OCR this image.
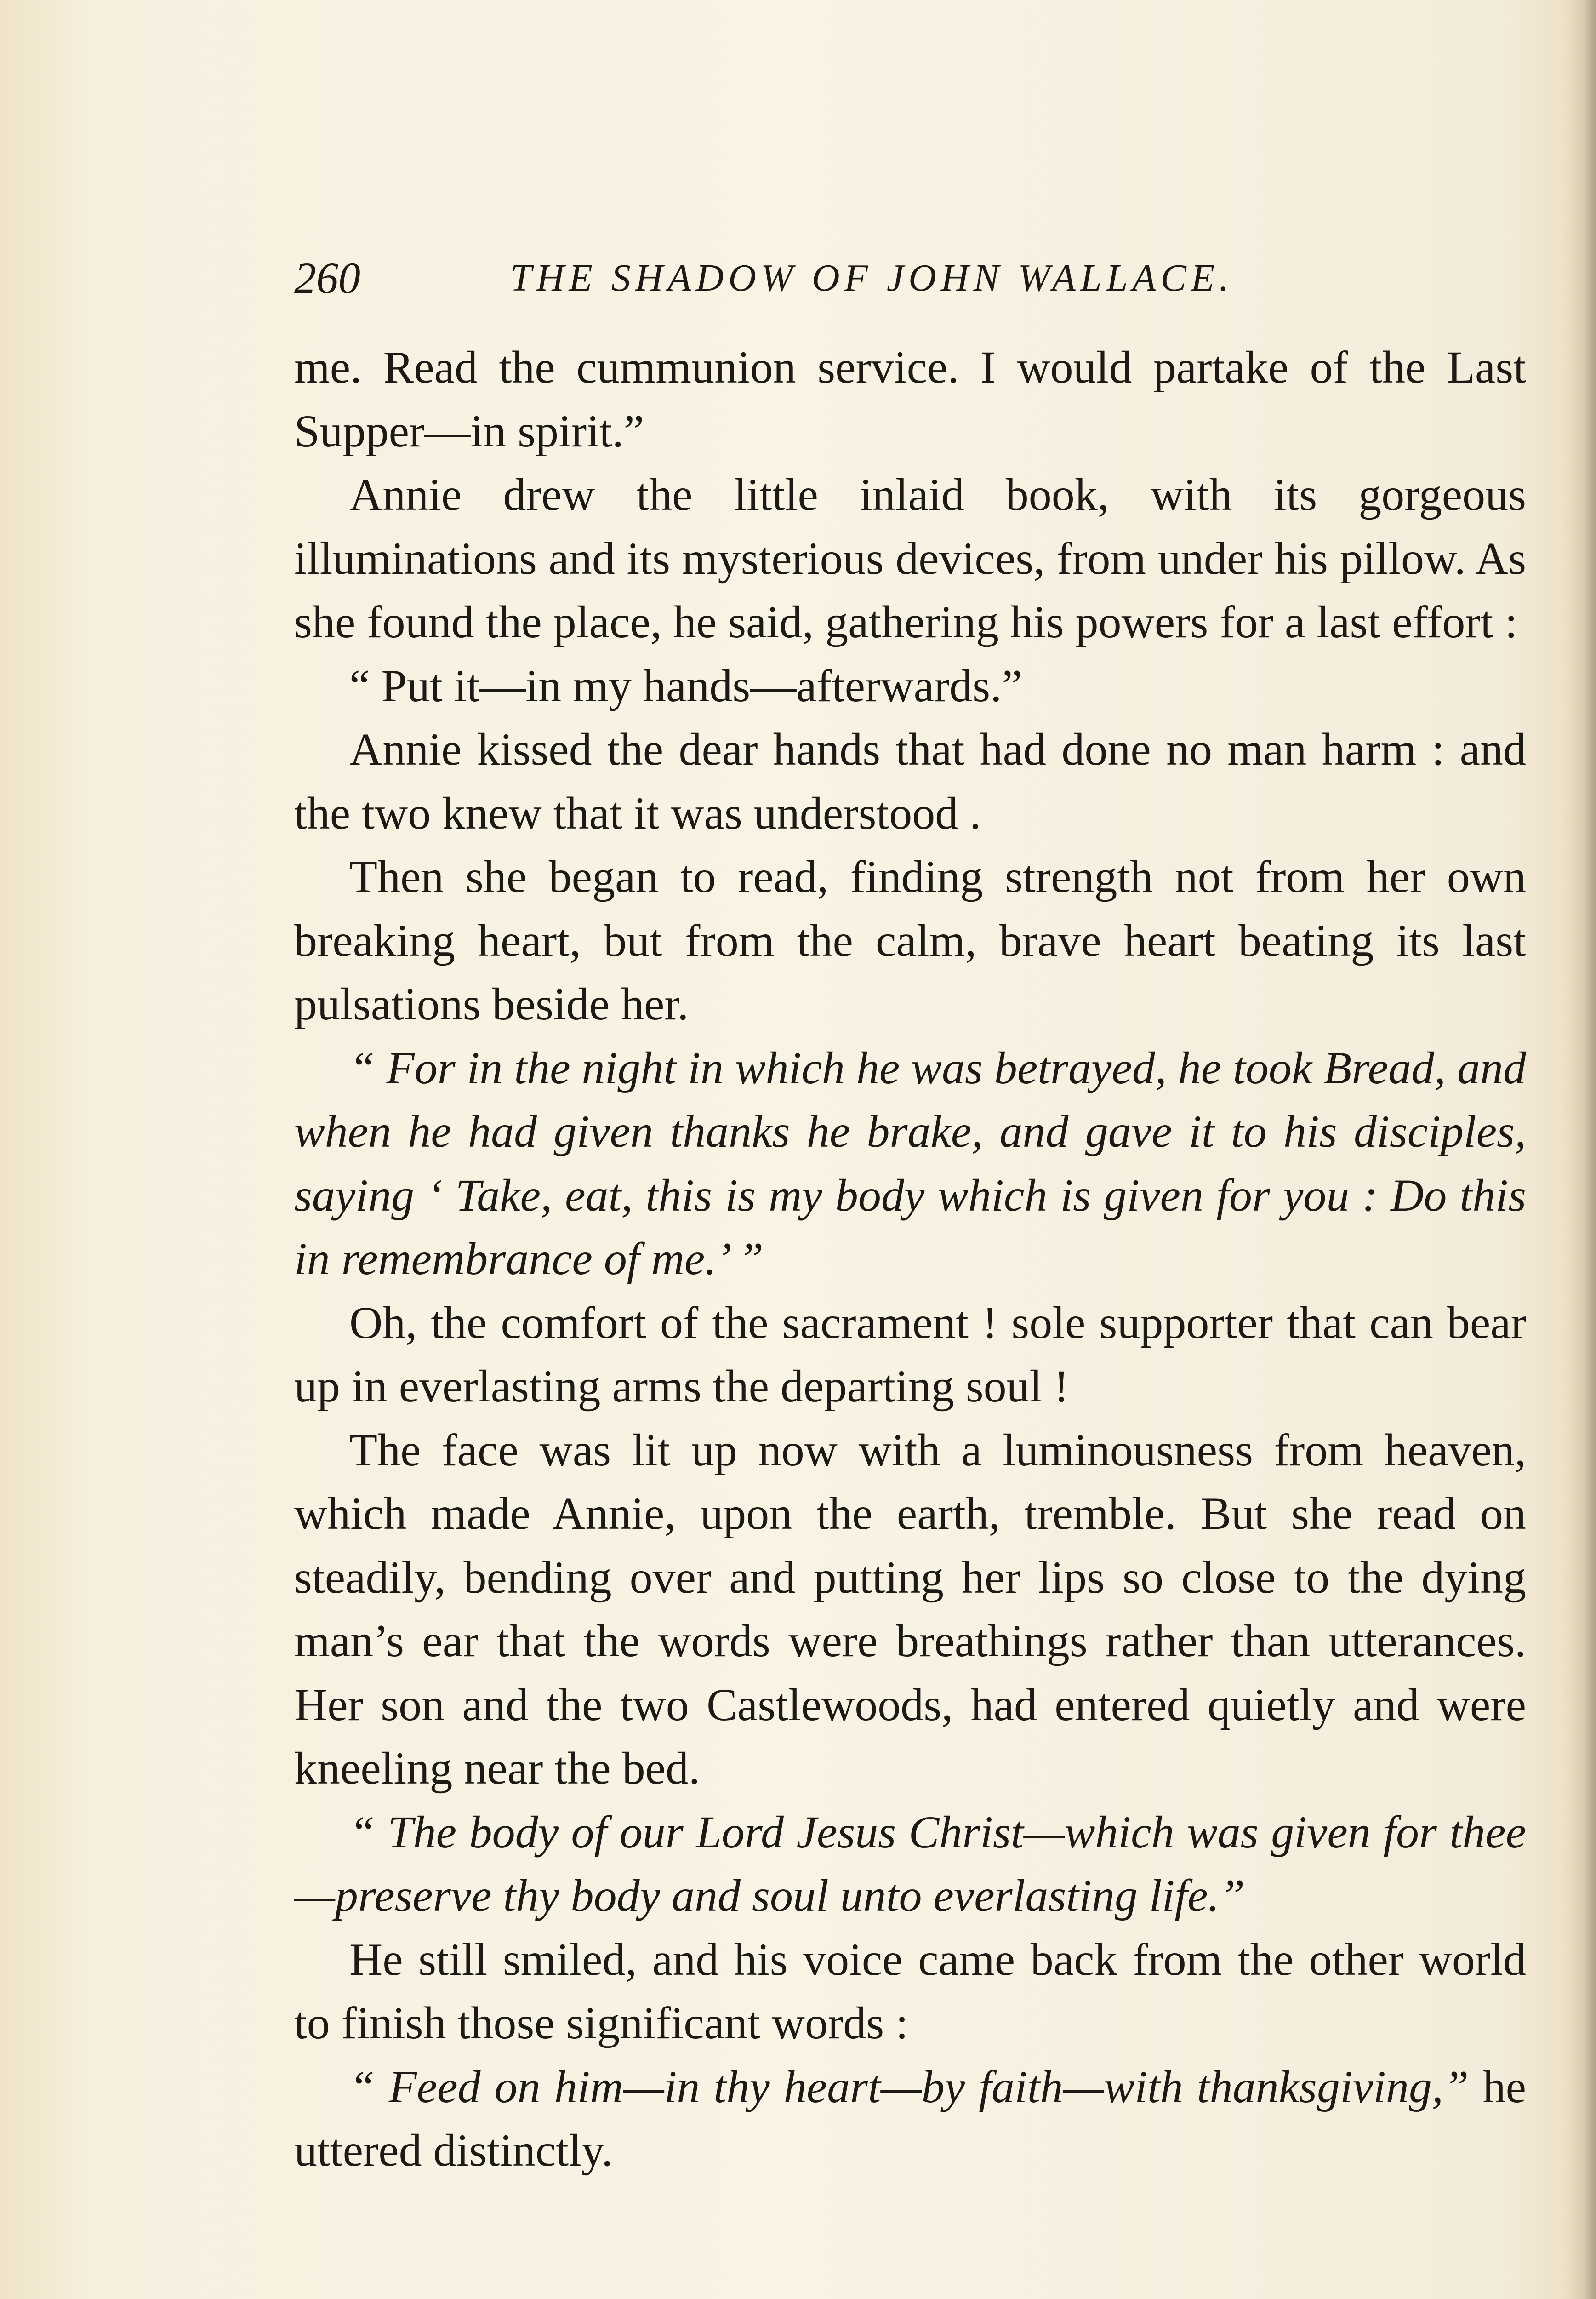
260	THE SHADOW OF JOHN WALLACE.

me. Read the cummunion service. I would partake of the Last Supper—in spirit.”

Annie drew the little inlaid book, with its gorgeous illuminations and its mysterious devices, from under his pillow. As she found the place, he said, gathering his powers for a last effort :

“ Put it—in my hands—afterwards.”

Annie kissed the dear hands that had done no man harm : and the two knew that it was understood .

Then she began to read, finding strength not from her own breaking heart, but from the calm, brave heart beating its last pulsations beside her.

“ For in the night in which he was betrayed, he took Bread, and when he had given thanks he brake, and gave it to his disciples, saying ‘ Take, eat, this is my body which is given for you : Do this in remembrance of me.’ ”

Oh, the comfort of the sacrament ! sole supporter that can bear up in everlasting arms the departing soul !

The face was lit up now with a luminousness from heaven, which made Annie, upon the earth, tremble. But she read on steadily, bending over and putting her lips so close to the dying man’s ear that the words were breathings rather than utterances. Her son and the two Castlewoods, had entered quietly and were kneeling near the bed.

“ The body of our Lord Jesus Christ—which was given for thee—preserve thy body and soul unto everlasting life.”

He still smiled, and his voice came back from the other world to finish those significant words :

“ Feed on him—in thy heart—by faith—with thanksgiving,” he uttered distinctly.
